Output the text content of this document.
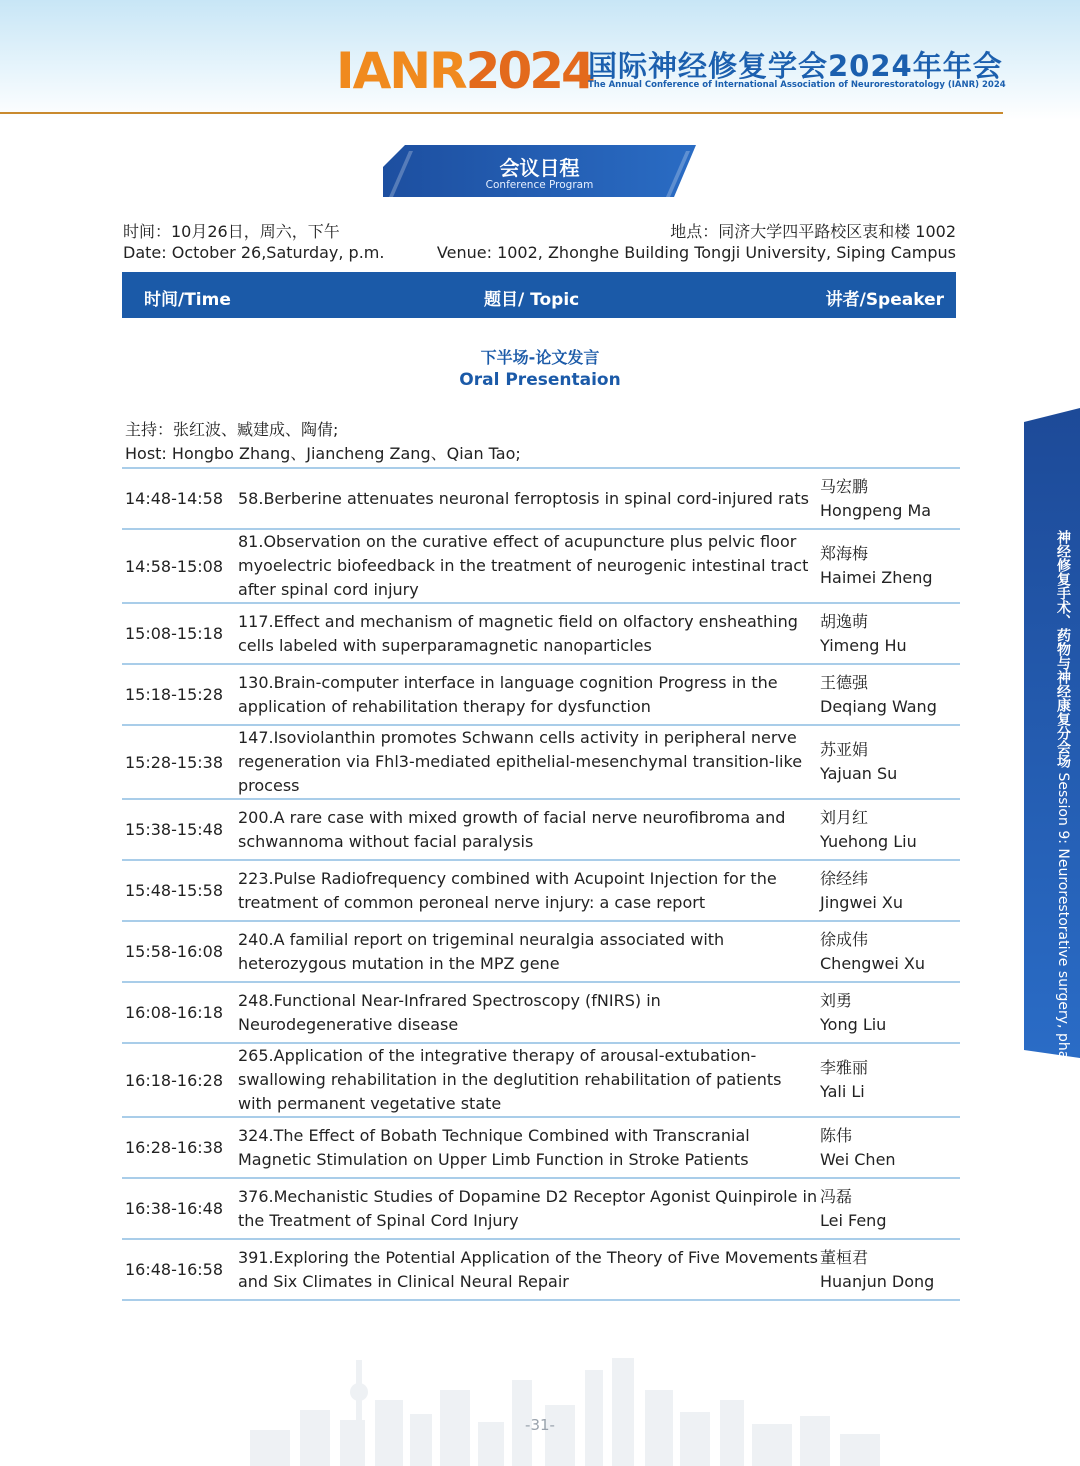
IANR 2024
国际神经修复学会2024年年会
The Annual Conference of International Association of Neurorestoratology (IANR) 2024
会议日程
Conference Program
时间：10月26日，周六，下午
Date: October 26,Saturday, p.m.
地点：同济大学四平路校区衷和楼 1002
Venue: 1002, Zhonghe Building Tongji University, Siping Campus
时间/Time	题目/ Topic	讲者/Speaker
下半场-论文发言
Oral Presentaion
主持：张红波、臧建成、陶倩;
Host: Hongbo Zhang、Jiancheng Zang、Qian Tao;
14:48-14:58 58.Berberine attenuates neuronal ferroptosis in spinal cord-injured rats
马宏鹏
Hongpeng Ma
14:58-15:08
81.Observation on the curative effect of acupuncture plus pelvic floor myoelectric biofeedback in the treatment of neurogenic intestinal tract after spinal cord injury
郑海梅
Haimei Zheng
15:08-15:18
117.Effect and mechanism of magnetic field on olfactory ensheathing cells labeled with superparamagnetic nanoparticles
胡逸萌
Yimeng Hu
15:18-15:28
130.Brain-computer interface in language cognition Progress in the application of rehabilitation therapy for dysfunction
王德强
Deqiang Wang
15:28-15:38
147.Isoviolanthin promotes Schwann cells activity in peripheral nerve regeneration via Fhl3-mediated epithelial-mesenchymal transition-like process
苏亚娟
Yajuan Su
15:38-15:48
200.A rare case with mixed growth of facial nerve neurofibroma and schwannoma without facial paralysis
刘月红
Yuehong Liu
15:48-15:58
223.Pulse Radiofrequency combined with Acupoint Injection for the treatment of common peroneal nerve injury: a case report
徐经纬
Jingwei Xu
15:58-16:08
240.A familial report on trigeminal neuralgia associated with heterozygous mutation in the MPZ gene
徐成伟
Chengwei Xu
16:08-16:18
248.Functional Near-Infrared Spectroscopy (fNIRS) in Neurodegenerative disease
刘勇
Yong Liu
16:18-16:28
265.Application of the integrative therapy of arousal-extubation-swallowing rehabilitation in the deglutition rehabilitation of patients with permanent vegetative state
李雅丽
Yali Li
16:28-16:38
324.The Effect of Bobath Technique Combined with Transcranial Magnetic Stimulation on Upper Limb Function in Stroke Patients
陈伟
Wei Chen
16:38-16:48
376.Mechanistic Studies of Dopamine D2 Receptor Agonist Quinpirole in the Treatment of Spinal Cord Injury
冯磊
Lei Feng
16:48-16:58
391.Exploring the Potential Application of the Theory of Five Movements and Six Climates in Clinical Neural Repair
董桓君
Huanjun Dong
神经修复手术、药物与神经康复分会场 Session 9: Neurorestorative surgery, pharmacy and neurorehabilitation
-31-
